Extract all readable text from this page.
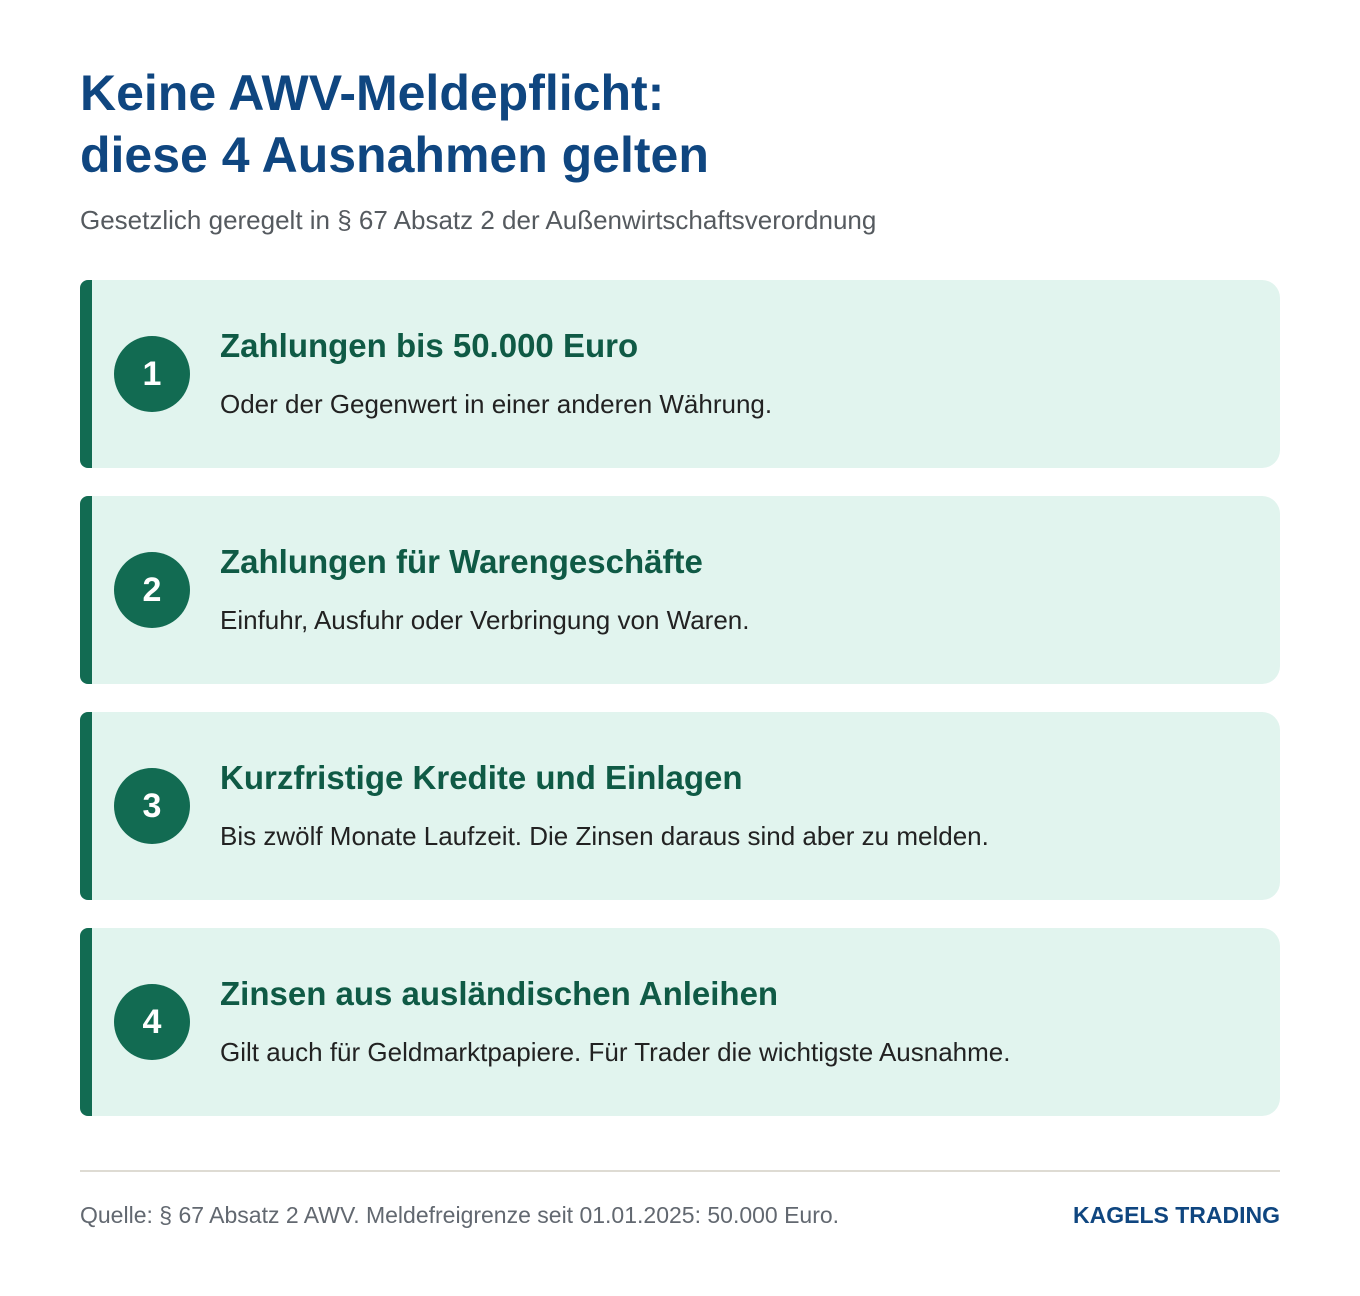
Keine AWV-Meldepflicht:
diese 4 Ausnahmen gelten

Gesetzlich geregelt in § 67 Absatz 2 der Außenwirtschaftsverordnung

1
Zahlungen bis 50.000 Euro

Oder der Gegenwert in einer anderen Währung.

2
Zahlungen für Warengeschäfte

Einfuhr, Ausfuhr oder Verbringung von Waren.

3
Kurzfristige Kredite und Einlagen

Bis zwölf Monate Laufzeit. Die Zinsen daraus sind aber zu melden.

4
Zinsen aus ausländischen Anleihen

Gilt auch für Geldmarktpapiere. Für Trader die wichtigste Ausnahme.

Quelle: § 67 Absatz 2 AWV. Meldefreigrenze seit 01.01.2025: 50.000 Euro.	KAGELS TRADING
